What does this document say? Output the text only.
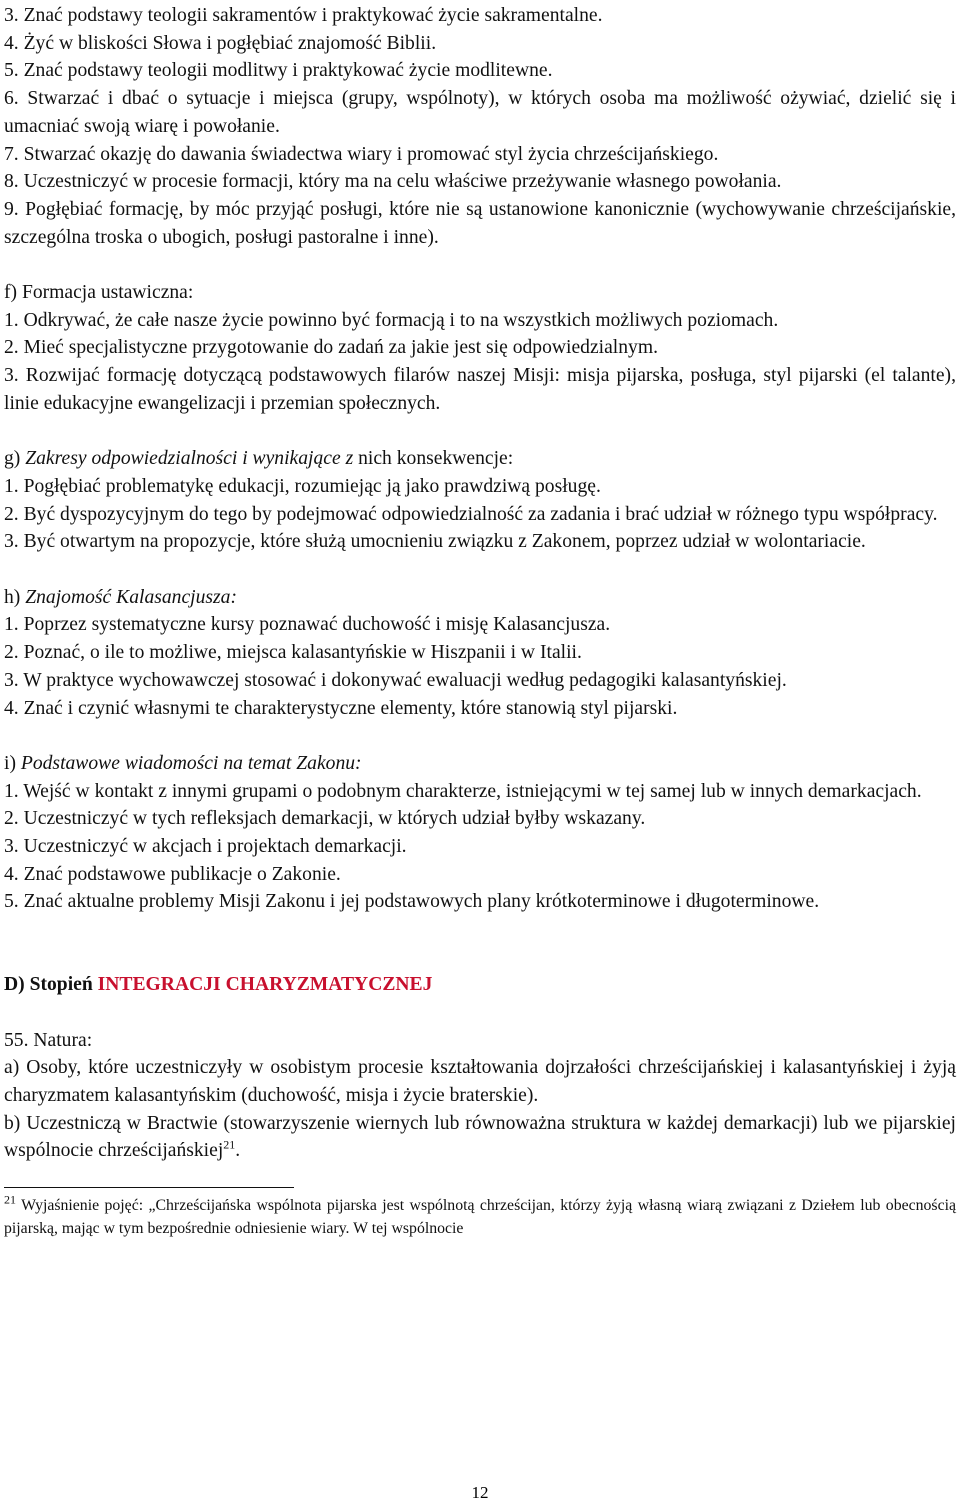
3. Znać podstawy teologii sakramentów i praktykować życie sakramentalne.

4. Żyć w bliskości Słowa i pogłębiać znajomość Biblii.

5. Znać podstawy teologii modlitwy i praktykować życie modlitewne.

6. Stwarzać i dbać o sytuacje i miejsca (grupy, wspólnoty), w których osoba ma możliwość ożywiać, dzielić się i umacniać swoją wiarę i powołanie.

7. Stwarzać okazję do dawania świadectwa wiary i promować styl życia chrześcijańskiego.

8. Uczestniczyć w procesie formacji, który ma na celu właściwe przeżywanie własnego powołania.

9. Pogłębiać formację, by móc przyjąć posługi, które nie są ustanowione kanonicznie (wychowywanie chrześcijańskie, szczególna troska o ubogich, posługi pastoralne i inne).

f) Formacja ustawiczna:

1. Odkrywać, że całe nasze życie powinno być formacją i to na wszystkich możliwych poziomach.

2. Mieć specjalistyczne przygotowanie do zadań za jakie jest się odpowiedzialnym.

3. Rozwijać formację dotyczącą podstawowych filarów naszej Misji: misja pijarska, posługa, styl pijarski (el talante), linie edukacyjne ewangelizacji i przemian społecznych.

g) Zakresy odpowiedzialności i wynikające z nich konsekwencje:

1. Pogłębiać problematykę edukacji, rozumiejąc ją jako prawdziwą posługę.

2. Być dyspozycyjnym do tego by podejmować odpowiedzialność za zadania i brać udział w różnego typu współpracy.

3. Być otwartym na propozycje, które służą umocnieniu związku z Zakonem, poprzez udział w wolontariacie.

h) Znajomość Kalasancjusza:

1. Poprzez systematyczne kursy poznawać duchowość i misję Kalasancjusza.

2. Poznać, o ile to możliwe, miejsca kalasantyńskie w Hiszpanii i w Italii.

3. W praktyce wychowawczej stosować i dokonywać ewaluacji według pedagogiki kalasantyńskiej.

4. Znać i czynić własnymi te charakterystyczne elementy, które stanowią styl pijarski.

i) Podstawowe wiadomości na temat Zakonu:

1. Wejść w kontakt z innymi grupami o podobnym charakterze, istniejącymi w tej samej lub w innych demarkacjach.

2. Uczestniczyć w tych refleksjach demarkacji, w których udział byłby wskazany.

3. Uczestniczyć w akcjach i projektach demarkacji.

4. Znać podstawowe publikacje o Zakonie.

5. Znać aktualne problemy Misji Zakonu i jej podstawowych plany krótkoterminowe i długoterminowe.

D) Stopień INTEGRACJI CHARYZMATYCZNEJ

55. Natura:

a) Osoby, które uczestniczyły w osobistym procesie kształtowania dojrzałości chrześcijańskiej i kalasantyńskiej i żyją charyzmatem kalasantyńskim (duchowość, misja i życie braterskie).

b) Uczestniczą w Bractwie (stowarzyszenie wiernych lub równoważna struktura w każdej demarkacji) lub we pijarskiej wspólnocie chrześcijańskiej$^{21}$.

$^{21}$ Wyjaśnienie pojęć: „Chrześcijańska wspólnota pijarska jest wspólnotą chrześcijan, którzy żyją własną wiarą związani z Dziełem lub obecnością pijarską, mając w tym bezpośrednie odniesienie wiary. W tej wspólnocie

12
